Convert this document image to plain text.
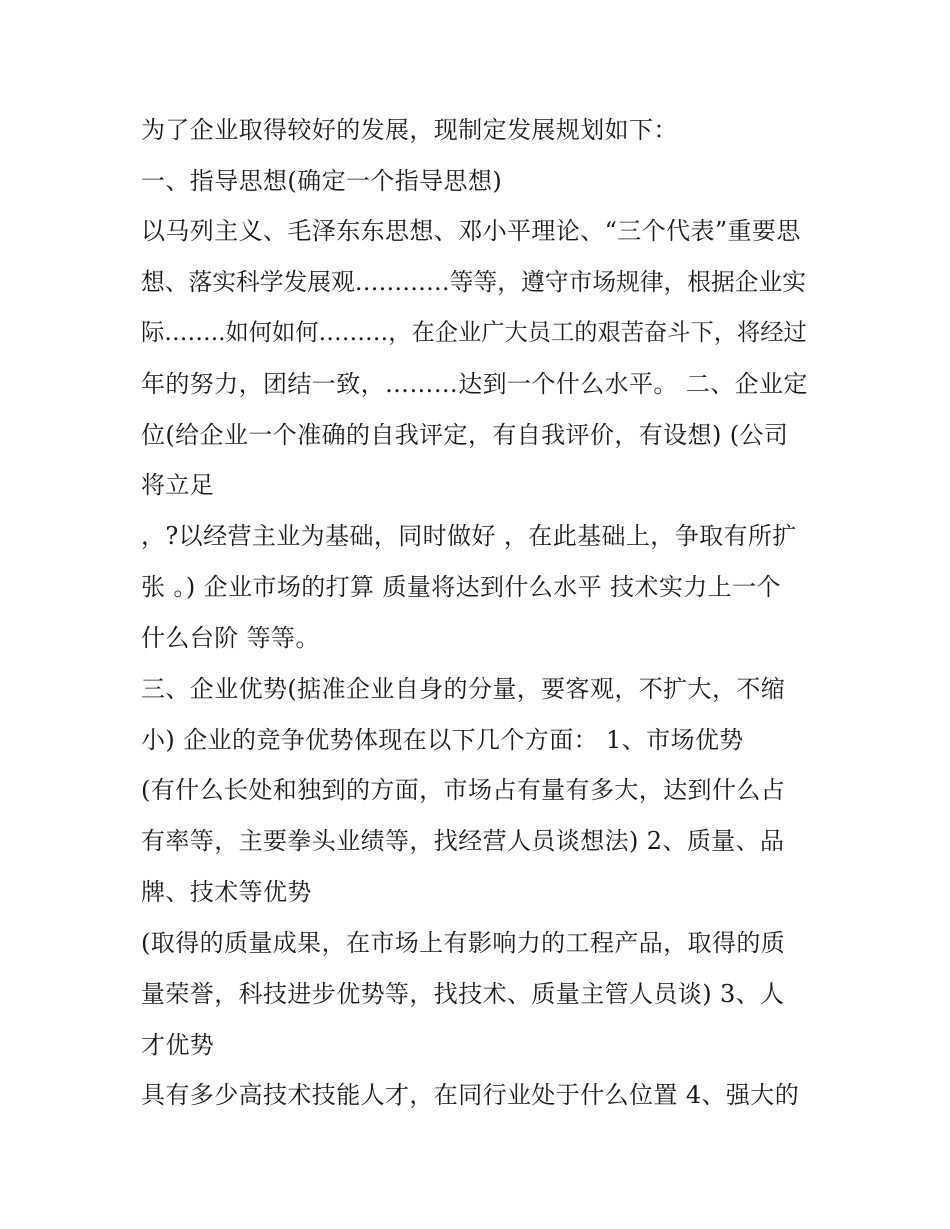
为了企业取得较好的发展，现制定发展规划如下：
一、指导思想(确定一个指导思想)
以马列主义、毛泽东东思想、邓小平理论、“三个代表”重要思
想、落实科学发展观…………等等，遵守市场规律，根据企业实
际……..如何如何………，在企业广大员工的艰苦奋斗下，将经过
年的努力，团结一致，………达到一个什么水平。 二、企业定
位(给企业一个准确的自我评定，有自我评价，有设想) (公司
将立足
，?以经营主业为基础，同时做好 ，在此基础上，争取有所扩
张 。) 企业市场的打算 质量将达到什么水平 技术实力上一个
什么台阶 等等。
三、企业优势(掂准企业自身的分量，要客观，不扩大，不缩
小) 企业的竞争优势体现在以下几个方面： 1、市场优势
(有什么长处和独到的方面，市场占有量有多大，达到什么占
有率等，主要拳头业绩等，找经营人员谈想法) 2、质量、品
牌、技术等优势
(取得的质量成果，在市场上有影响力的工程产品，取得的质
量荣誉，科技进步优势等，找技术、质量主管人员谈) 3、人
才优势
具有多少高技术技能人才，在同行业处于什么位置 4、强大的
